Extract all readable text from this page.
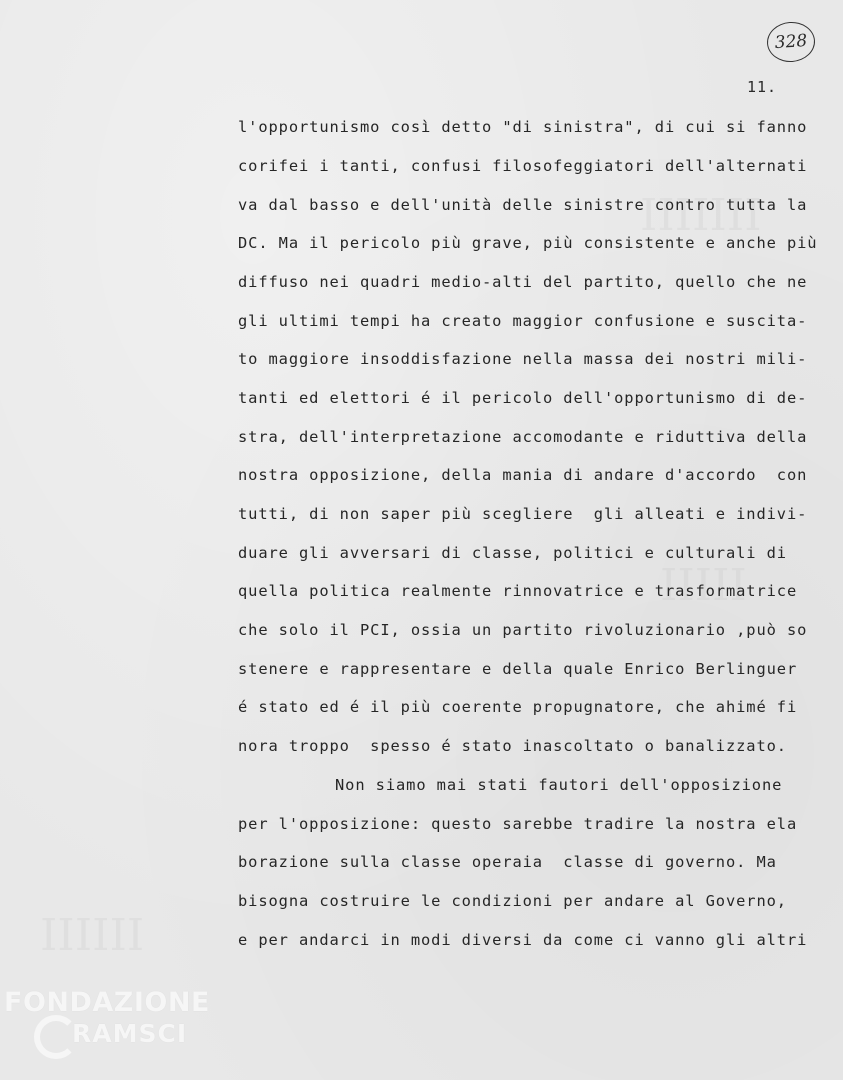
328
11.
l'opportunismo così detto "di sinistra", di cui si fanno
corifei i tanti, confusi filosofeggiatori dell'alternati
va dal basso e dell'unità delle sinistre contro tutta la
DC. Ma il pericolo più grave, più consistente e anche più
diffuso nei quadri medio-alti del partito, quello che ne
gli ultimi tempi ha creato maggior confusione e suscita-
to maggiore insoddisfazione nella massa dei nostri mili-
tanti ed elettori é il pericolo dell'opportunismo di de-
stra, dell'interpretazione accomodante e riduttiva della
nostra opposizione, della mania di andare d'accordo  con
tutti, di non saper più scegliere  gli alleati e indivi-
duare gli avversari di classe, politici e culturali di
quella politica realmente rinnovatrice e trasformatrice
che solo il PCI, ossia un partito rivoluzionario ,può so
stenere e rappresentare e della quale Enrico Berlinguer
é stato ed é il più coerente propugnatore, che ahimé fi
nora troppo  spesso é stato inascoltato o banalizzato.
Non siamo mai stati fautori dell'opposizione
per l'opposizione: questo sarebbe tradire la nostra ela
borazione sulla classe operaia  classe di governo. Ma
bisogna costruire le condizioni per andare al Governo,
e per andarci in modi diversi da come ci vanno gli altri
FONDAZIONE
RAMSCI
